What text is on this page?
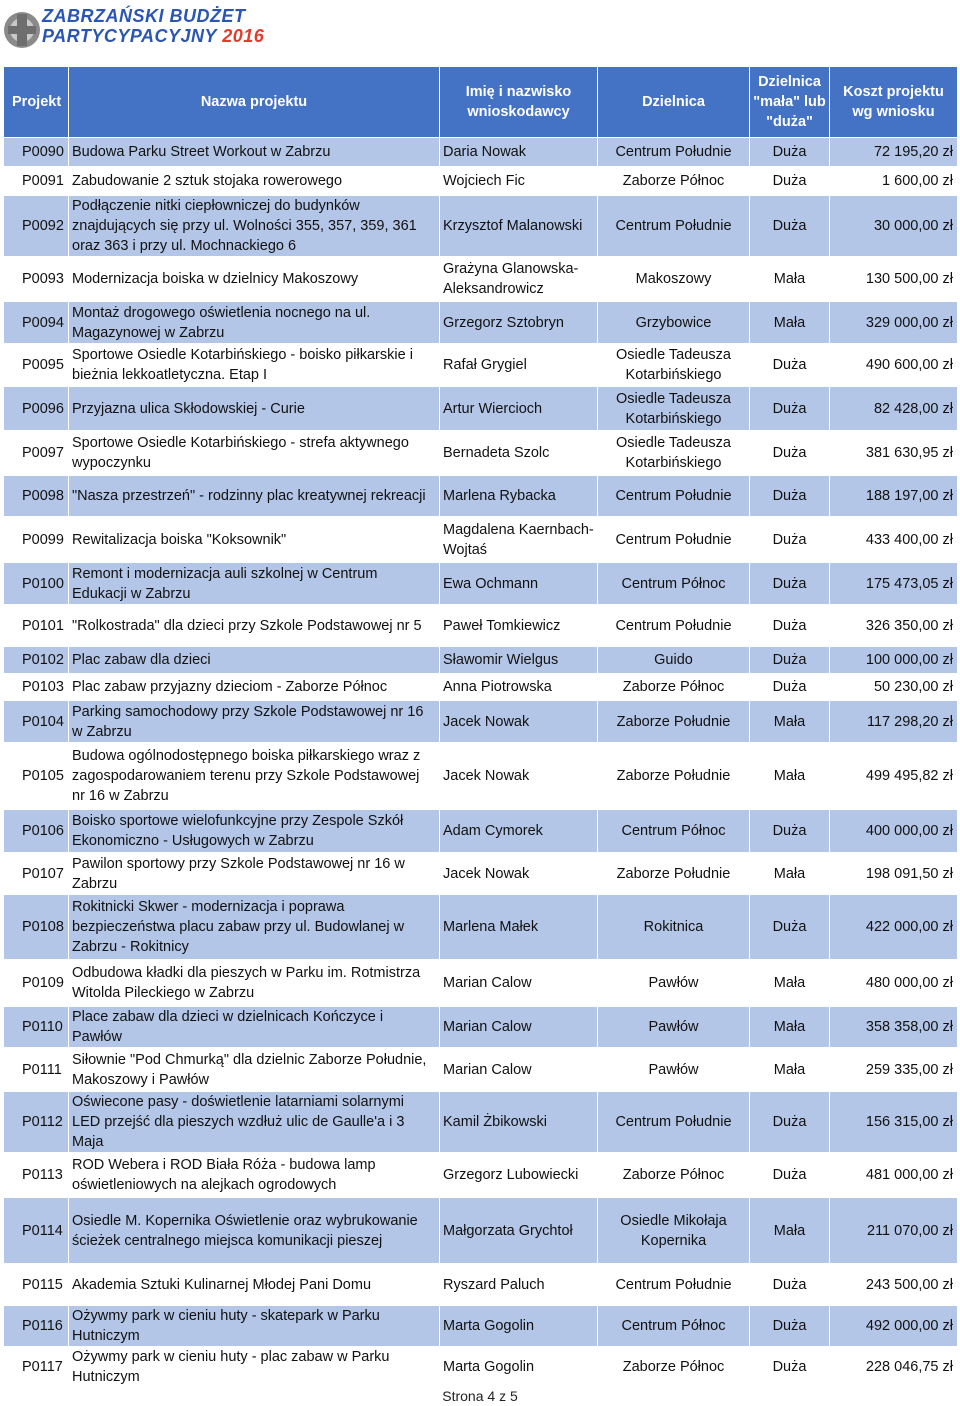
ZABRZAŃSKI BUDŻET
PARTYCYPACYJNY 2016
Projekt	Nazwa projektu	Imię i nazwisko wnioskodawcy	Dzielnica	Dzielnica "mała" lub "duża"	Koszt projektu wg wniosku
P0090	Budowa Parku Street Workout w Zabrzu	Daria Nowak	Centrum Południe	Duża	72 195,20 zł
P0091	Zabudowanie 2 sztuk stojaka rowerowego	Wojciech Fic	Zaborze Północ	Duża	1 600,00 zł
P0092	Podłączenie nitki ciepłowniczej do budynków znajdujących się przy ul. Wolności 355, 357, 359, 361 oraz 363 i przy ul. Mochnackiego 6	Krzysztof Malanowski	Centrum Południe	Duża	30 000,00 zł
P0093	Modernizacja boiska w dzielnicy Makoszowy	Grażyna Glanowska-Aleksandrowicz	Makoszowy	Mała	130 500,00 zł
P0094	Montaż drogowego oświetlenia nocnego na ul. Magazynowej w Zabrzu	Grzegorz Sztobryn	Grzybowice	Mała	329 000,00 zł
P0095	Sportowe Osiedle Kotarbińskiego - boisko piłkarskie i bieżnia lekkoatletyczna. Etap I	Rafał Grygiel	Osiedle Tadeusza Kotarbińskiego	Duża	490 600,00 zł
P0096	Przyjazna ulica Skłodowskiej - Curie	Artur Wiercioch	Osiedle Tadeusza Kotarbińskiego	Duża	82 428,00 zł
P0097	Sportowe Osiedle Kotarbińskiego - strefa aktywnego wypoczynku	Bernadeta Szolc	Osiedle Tadeusza Kotarbińskiego	Duża	381 630,95 zł
P0098	"Nasza przestrzeń" - rodzinny plac kreatywnej rekreacji	Marlena Rybacka	Centrum Południe	Duża	188 197,00 zł
P0099	Rewitalizacja boiska "Koksownik"	Magdalena Kaernbach-Wojtaś	Centrum Południe	Duża	433 400,00 zł
P0100	Remont i modernizacja auli szkolnej w Centrum Edukacji w Zabrzu	Ewa Ochmann	Centrum Północ	Duża	175 473,05 zł
P0101	"Rolkostrada" dla dzieci przy Szkole Podstawowej nr 5	Paweł Tomkiewicz	Centrum Południe	Duża	326 350,00 zł
P0102	Plac zabaw dla dzieci	Sławomir Wielgus	Guido	Duża	100 000,00 zł
P0103	Plac zabaw przyjazny dzieciom - Zaborze Północ	Anna Piotrowska	Zaborze Północ	Duża	50 230,00 zł
P0104	Parking samochodowy przy Szkole Podstawowej nr 16 w Zabrzu	Jacek Nowak	Zaborze Południe	Mała	117 298,20 zł
P0105	Budowa ogólnodostępnego boiska piłkarskiego wraz z zagospodarowaniem terenu przy Szkole Podstawowej nr 16 w Zabrzu	Jacek Nowak	Zaborze Południe	Mała	499 495,82 zł
P0106	Boisko sportowe wielofunkcyjne przy Zespole Szkół Ekonomiczno - Usługowych w Zabrzu	Adam Cymorek	Centrum Północ	Duża	400 000,00 zł
P0107	Pawilon sportowy przy Szkole Podstawowej nr 16 w Zabrzu	Jacek Nowak	Zaborze Południe	Mała	198 091,50 zł
P0108	Rokitnicki Skwer - modernizacja i poprawa bezpieczeństwa placu zabaw przy ul. Budowlanej w Zabrzu - Rokitnicy	Marlena Małek	Rokitnica	Duża	422 000,00 zł
P0109	Odbudowa kładki dla pieszych w Parku im. Rotmistrza Witolda Pileckiego w Zabrzu	Marian Calow	Pawłów	Mała	480 000,00 zł
P0110	Place zabaw dla dzieci w dzielnicach Kończyce i Pawłów	Marian Calow	Pawłów	Mała	358 358,00 zł
P0111	Siłownie "Pod Chmurką" dla dzielnic Zaborze Południe, Makoszowy i Pawłów	Marian Calow	Pawłów	Mała	259 335,00 zł
P0112	Oświecone pasy - doświetlenie latarniami solarnymi LED przejść dla pieszych wzdłuż ulic de Gaulle'a i 3 Maja	Kamil Żbikowski	Centrum Południe	Duża	156 315,00 zł
P0113	ROD Webera i ROD Biała Róża - budowa lamp oświetleniowych na alejkach ogrodowych	Grzegorz Lubowiecki	Zaborze Północ	Duża	481 000,00 zł
P0114	Osiedle M. Kopernika Oświetlenie oraz wybrukowanie ścieżek centralnego miejsca komunikacji pieszej	Małgorzata Grychtoł	Osiedle Mikołaja Kopernika	Mała	211 070,00 zł
P0115	Akademia Sztuki Kulinarnej Młodej Pani Domu	Ryszard Paluch	Centrum Południe	Duża	243 500,00 zł
P0116	Ożywmy park w cieniu huty - skatepark w Parku Hutniczym	Marta Gogolin	Centrum Północ	Duża	492 000,00 zł
P0117	Ożywmy park w cieniu huty - plac zabaw w Parku Hutniczym	Marta Gogolin	Zaborze Północ	Duża	228 046,75 zł
Strona 4 z 5
